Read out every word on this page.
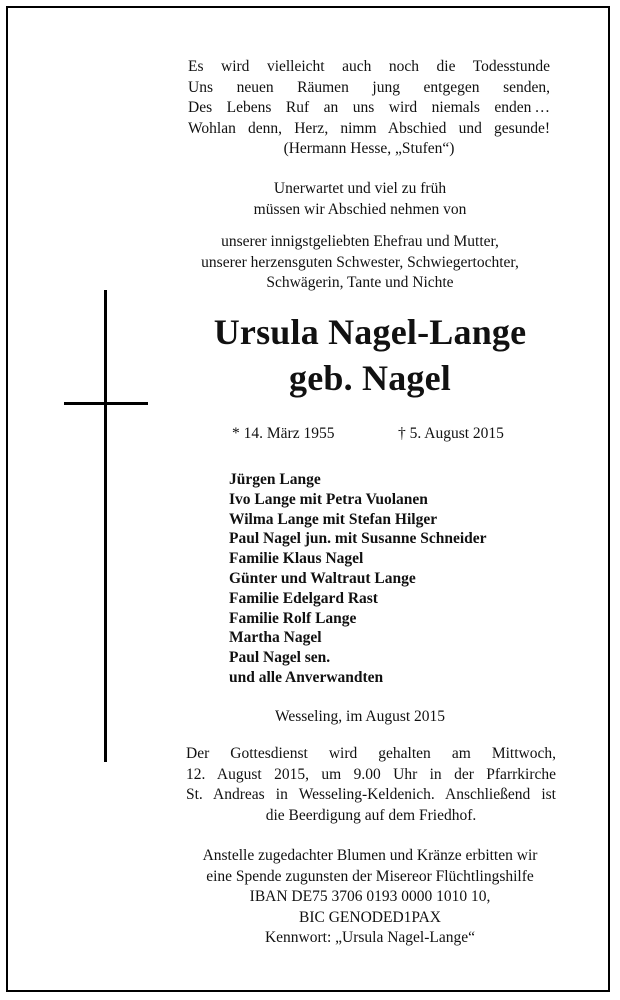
Es wird vielleicht auch noch die Todesstunde
Uns neuen Räumen jung entgegen senden,
Des Lebens Ruf an uns wird niemals enden …
Wohlan denn, Herz, nimm Abschied und gesunde!
(Hermann Hesse, „Stufen“)
Unerwartet und viel zu früh
müssen wir Abschied nehmen von
unserer innigstgeliebten Ehefrau und Mutter,
unserer herzensguten Schwester, Schwiegertochter,
Schwägerin, Tante und Nichte
Ursula Nagel-Lange
geb. Nagel
* 14. März 1955	† 5. August 2015
Jürgen Lange
Ivo Lange mit Petra Vuolanen
Wilma Lange mit Stefan Hilger
Paul Nagel jun. mit Susanne Schneider
Familie Klaus Nagel
Günter und Waltraut Lange
Familie Edelgard Rast
Familie Rolf Lange
Martha Nagel
Paul Nagel sen.
und alle Anverwandten
Wesseling, im August 2015
Der Gottesdienst wird gehalten am Mittwoch,
12. August 2015, um 9.00 Uhr in der Pfarrkirche
St. Andreas in Wesseling-Keldenich. Anschließend ist
die Beerdigung auf dem Friedhof.
Anstelle zugedachter Blumen und Kränze erbitten wir
eine Spende zugunsten der Misereor Flüchtlingshilfe
IBAN DE75 3706 0193 0000 1010 10,
BIC GENODED1PAX
Kennwort: „Ursula Nagel-Lange“
